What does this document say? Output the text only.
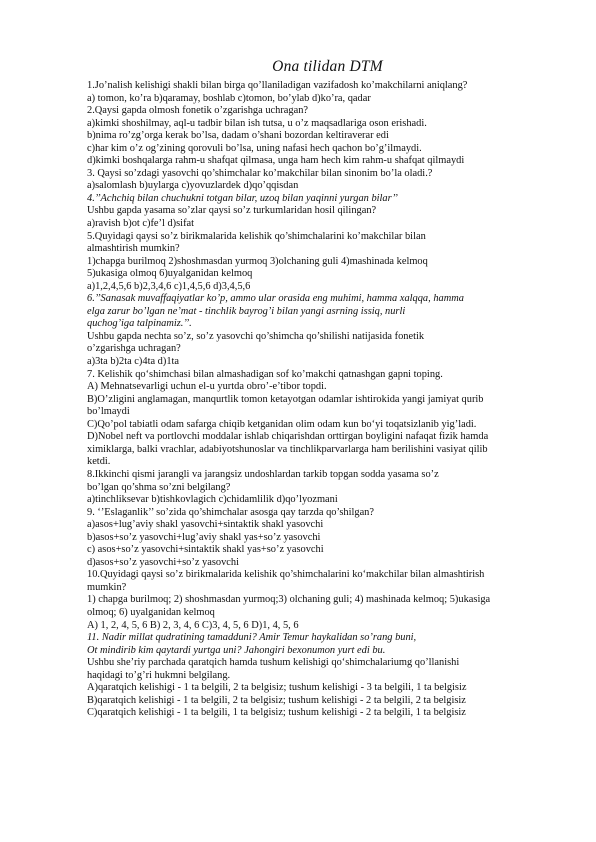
Ona tilidan DTM
1.Jo’nalish kelishigi shakli bilan birga qo’llaniladigan vazifadosh ko’makchilarni aniqlang?
a) tomon, ko’ra b)qaramay, boshlab c)tomon, bo’ylab d)ko’ra, qadar
2.Qaysi gapda olmosh fonetik o’zgarishga uchragan?
a)kimki shoshilmay, aql-u tadbir bilan ish tutsa, u o’z maqsadlariga oson erishadi.
b)nima ro’zg’orga kerak bo’lsa, dadam o’shani bozordan keltiraverar edi
c)har kim o’z og’zining qorovuli bo’lsa, uning nafasi hech qachon bo’g’ilmaydi.
d)kimki boshqalarga rahm-u shafqat qilmasa, unga ham hech kim rahm-u shafqat qilmaydi
3. Qaysi so’zdagi yasovchi qo’shimchalar ko’makchilar bilan sinonim bo’la oladi.?
a)salomlash b)uylarga c)yovuzlardek d)qo’qqisdan
4.’’Achchiq bilan chuchukni totgan bilar, uzoq bilan yaqinni yurgan bilar’’
Ushbu gapda yasama so’zlar qaysi so’z turkumlaridan hosil qilingan?
a)ravish b)ot c)fe’l d)sifat
5.Quyidagi qaysi so’z birikmalarida kelishik qo’shimchalarini ko’makchilar bilan
almashtirish mumkin?
1)chapga burilmoq 2)shoshmasdan yurmoq 3)olchaning guli 4)mashinada kelmoq
5)ukasiga olmoq 6)uyalganidan kelmoq
a)1,2,4,5,6 b)2,3,4,6 c)1,4,5,6 d)3,4,5,6
6.’’Sanasak muvaffaqiyatlar ko’p, ammo ular orasida eng muhimi, hamma xalqqa, hamma
elga zarur bo’lgan ne’mat - tinchlik bayrog’i bilan yangi asrning issiq, nurli
quchog’iga talpinamiz.’’.
Ushbu gapda nechta so’z, so’z yasovchi qo’shimcha qo’shilishi natijasida fonetik
o’zgarishga uchragan?
a)3ta b)2ta c)4ta d)1ta
7. Kelishik qo‘shimchasi bilan almashadigan sof ko’makchi qatnashgan gapni toping.
A) Mehnatsevarligi uchun el-u yurtda obro’-e’tibor topdi.
B)O’zligini anglamagan, manqurtlik tomon ketayotgan odamlar ishtirokida yangi jamiyat qurib
bo’lmaydi
C)Qo’pol tabiatli odam safarga chiqib ketganidan olim odam kun bo‘yi toqatsizlanib yig’ladi.
D)Nobel neft va portlovchi moddalar ishlab chiqarishdan orttirgan boyligini nafaqat fizik hamda
ximiklarga, balki vrachlar, adabiyotshunoslar va tinchlikparvarlarga ham berilishini vasiyat qilib
ketdi.
8.Ikkinchi qismi jarangli va jarangsiz undoshlardan tarkib topgan sodda yasama so’z
bo’lgan qo’shma so’zni belgilang?
a)tinchliksevar b)tishkovlagich c)chidamlilik d)qo’lyozmani
9. ‘’Eslaganlik’’ so’zida qo’shimchalar asosga qay tarzda qo’shilgan?
a)asos+lug’aviy shakl yasovchi+sintaktik shakl yasovchi
b)asos+so’z yasovchi+lug’aviy shakl yas+so’z yasovchi
c) asos+so’z yasovchi+sintaktik shakl yas+so’z yasovchi
d)asos+so’z yasovchi+so’z yasovchi
10.Quyidagi qaysi so’z birikmalarida kelishik qo’shimchalarini ko‘makchilar bilan almashtirish
mumkin?
1) chapga burilmoq; 2) shoshmasdan yurmoq;3) olchaning guli; 4) mashinada kelmoq; 5)ukasiga
olmoq; 6) uyalganidan kelmoq
A) 1, 2, 4, 5, 6 B) 2, 3, 4, 6 C)3, 4, 5, 6 D)1, 4, 5, 6
11. Nadir millat qudratining tamadduni? Amir Temur haykalidan so’rang buni,
Ot mindirib kim qaytardi yurtga uni? Jahongiri bexonumon yurt edi bu.
Ushbu she’riy parchada qaratqich hamda tushum kelishigi qo‘shimchalariumg qo’llanishi
haqidagi to’g’ri hukmni belgilang.
A)qaratqich kelishigi - 1 ta belgili, 2 ta belgisiz; tushum kelishigi - 3 ta belgili, 1 ta belgisiz
B)qaratqich kelishigi - 1 ta belgili, 2 ta belgisiz; tushum kelishigi - 2 ta belgili, 2 ta belgisiz
C)qaratqich kelishigi - 1 ta belgili, 1 ta belgisiz; tushum kelishigi - 2 ta belgili, 1 ta belgisiz
